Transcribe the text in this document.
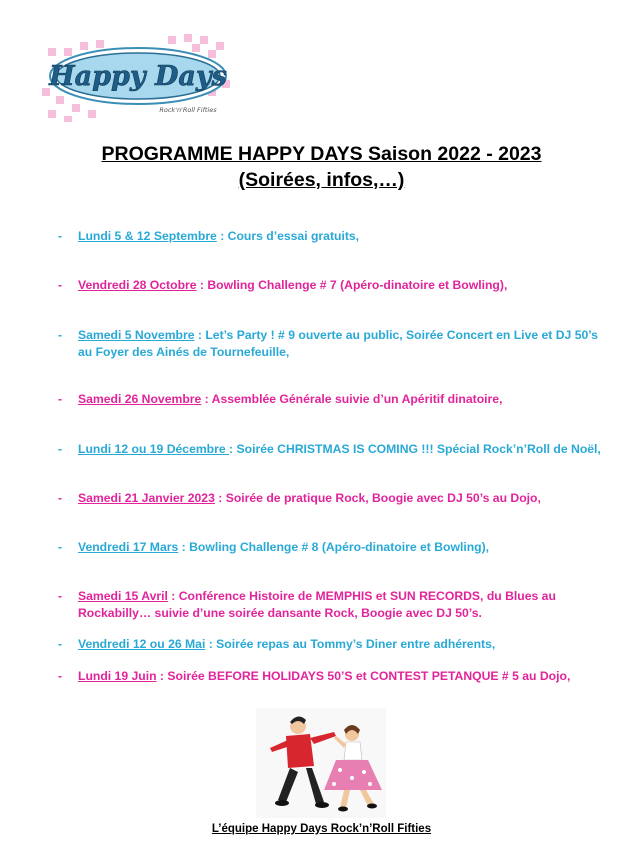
Happy Days
Rock'n'Roll Fifties
PROGRAMME HAPPY DAYS Saison 2022 - 2023
(Soirées, infos,…)
- Lundi 5 & 12 Septembre : Cours d’essai gratuits,
- Vendredi 28 Octobre : Bowling Challenge # 7 (Apéro-dinatoire et Bowling),
- Samedi 5 Novembre : Let’s Party ! # 9 ouverte au public, Soirée Concert en Live et DJ 50’s au Foyer des Ainés de Tournefeuille,
- Samedi 26 Novembre : Assemblée Générale suivie d’un Apéritif dinatoire,
- Lundi 12 ou 19 Décembre : Soirée CHRISTMAS IS COMING !!! Spécial Rock’n’Roll de Noël,
- Samedi 21 Janvier 2023 : Soirée de pratique Rock, Boogie avec DJ 50’s au Dojo,
- Vendredi 17 Mars : Bowling Challenge # 8 (Apéro-dinatoire et Bowling),
- Samedi 15 Avril : Conférence Histoire de MEMPHIS et SUN RECORDS, du Blues au Rockabilly… suivie d’une soirée dansante Rock, Boogie avec DJ 50’s.
- Vendredi 12 ou 26 Mai : Soirée repas au Tommy’s Diner entre adhérents,
- Lundi 19 Juin : Soirée BEFORE HOLIDAYS 50’S et CONTEST PETANQUE # 5 au Dojo,
L’équipe Happy Days Rock’n’Roll Fifties
